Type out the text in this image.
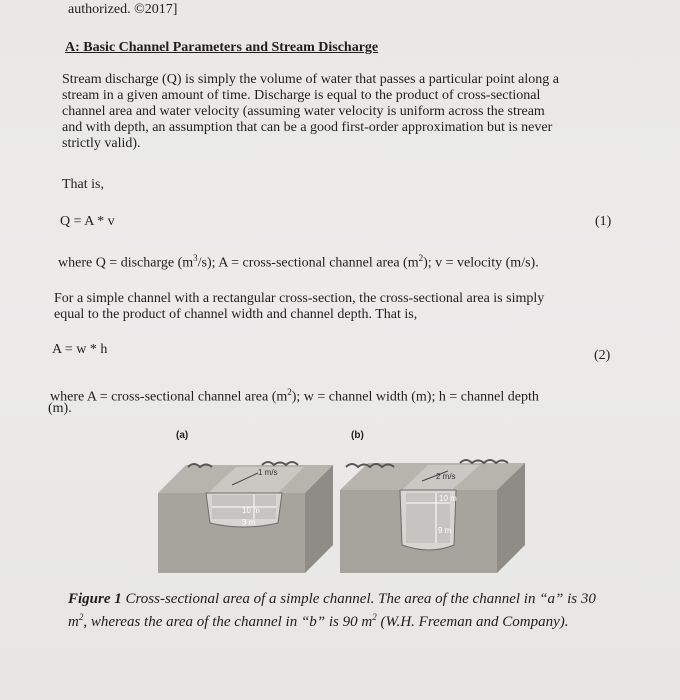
authorized. ©2017]
A: Basic Channel Parameters and Stream Discharge
Stream discharge (Q) is simply the volume of water that passes a particular point along a
stream in a given amount of time. Discharge is equal to the product of cross-sectional
channel area and water velocity (assuming water velocity is uniform across the stream
and with depth, an assumption that can be a good first-order approximation but is never
strictly valid).
That is,
Q = A * v	(1)
where Q = discharge $(m^3/s)$; A = cross-sectional channel area $(m^2)$; v = velocity (m/s).
For a simple channel with a rectangular cross-section, the cross-sectional area is simply
equal to the product of channel width and channel depth. That is,
A = w * h	(2)
where A = cross-sectional channel area $(m^2)$; w = channel width (m); h = channel depth
(m).
(a)	(b)
1 m/s
10 m
3 m
2 m/s
10 m
9 m
Figure 1 Cross-sectional area of a simple channel. The area of the channel in “a” is 30
$m^2$, whereas the area of the channel in “b” is 90 $m^2$ (W.H. Freeman and Company).
